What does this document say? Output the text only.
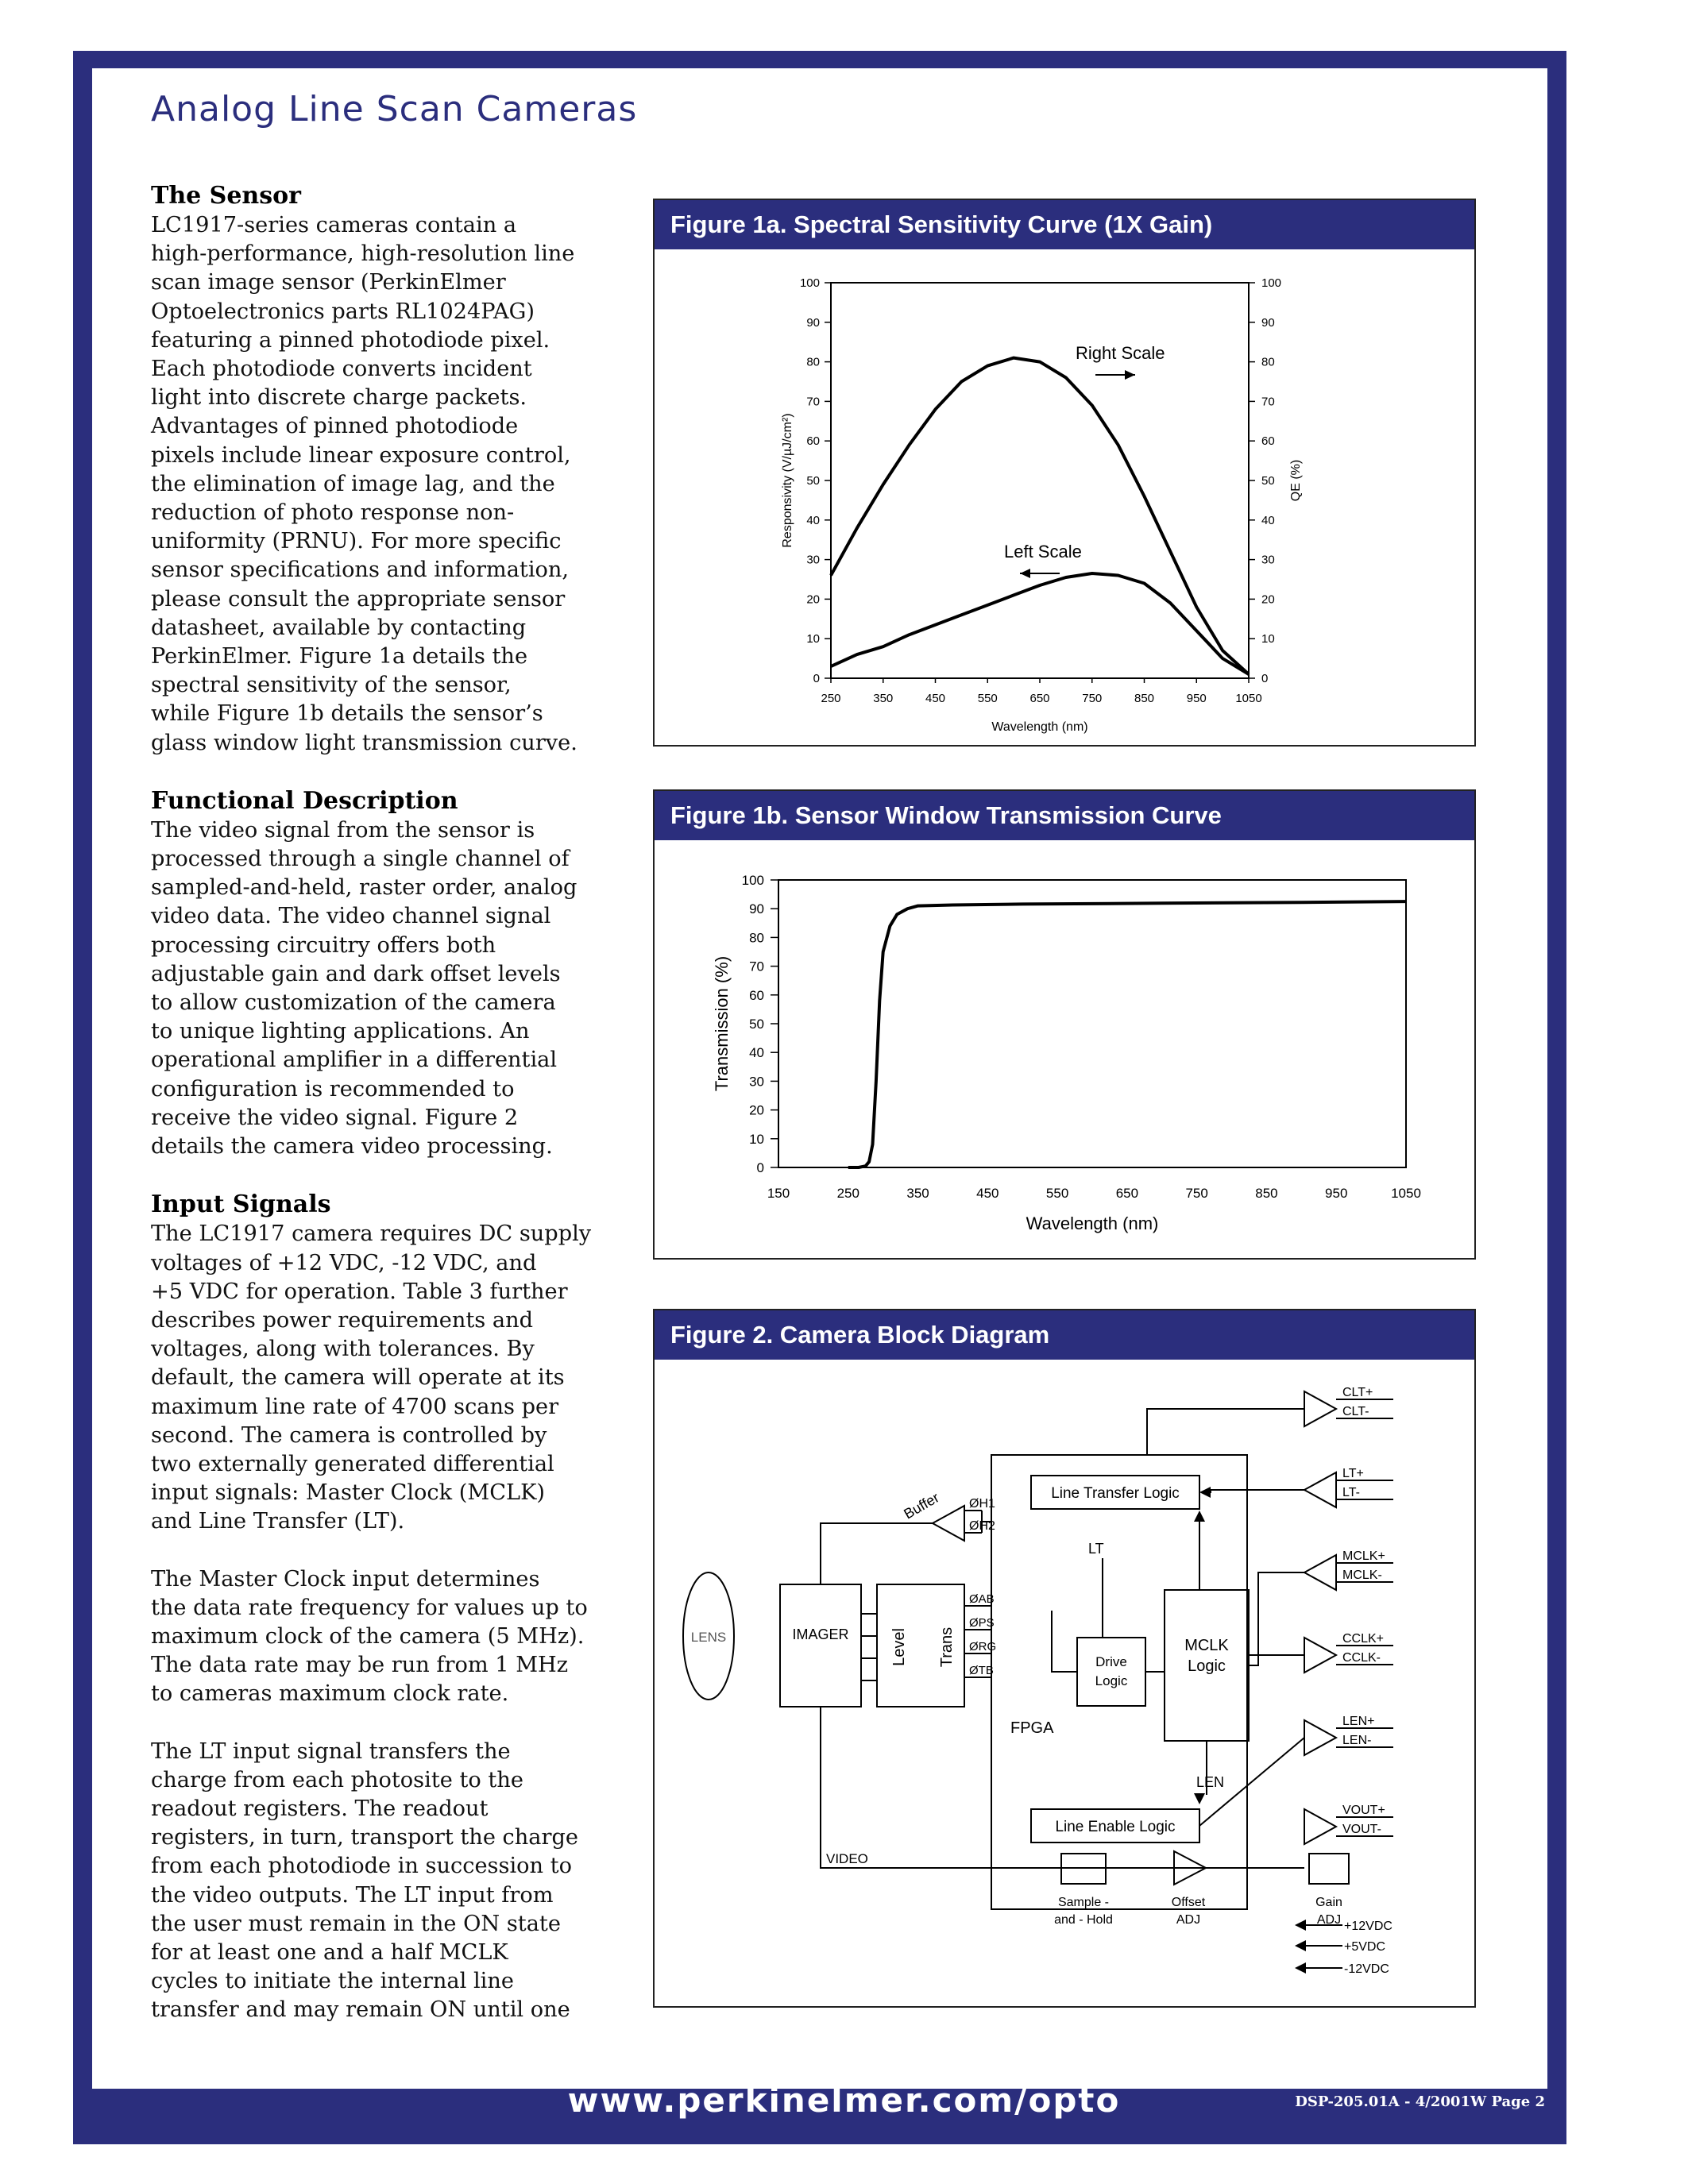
Analog Line Scan Cameras
The Sensor

LC1917-series cameras contain a

high-performance, high-resolution line

scan image sensor (PerkinElmer

Optoelectronics parts RL1024PAG)

featuring a pinned photodiode pixel.

Each photodiode converts incident

light into discrete charge packets.

Advantages of pinned photodiode

pixels include linear exposure control,

the elimination of image lag, and the

reduction of photo response non-

uniformity (PRNU). For more specific

sensor specifications and information,

please consult the appropriate sensor

datasheet, available by contacting

PerkinElmer. Figure 1a details the

spectral sensitivity of the sensor,

while Figure 1b details the sensor’s

glass window light transmission curve.

Functional Description

The video signal from the sensor is

processed through a single channel of

sampled-and-held, raster order, analog

video data. The video channel signal

processing circuitry offers both

adjustable gain and dark offset levels

to allow customization of the camera

to unique lighting applications. An

operational amplifier in a differential

configuration is recommended to

receive the video signal. Figure 2

details the camera video processing.

Input Signals

The LC1917 camera requires DC supply

voltages of +12 VDC, -12 VDC, and

+5 VDC for operation. Table 3 further

describes power requirements and

voltages, along with tolerances. By

default, the camera will operate at its

maximum line rate of 4700 scans per

second. The camera is controlled by

two externally generated differential

input signals: Master Clock (MCLK)

and Line Transfer (LT).

The Master Clock input determines

the data rate frequency for values up to

maximum clock of the camera (5 MHz).

The data rate may be run from 1 MHz

to cameras maximum clock rate.

The LT input signal transfers the

charge from each photosite to the

readout registers. The readout

registers, in turn, transport the charge

from each photodiode in succession to

the video outputs. The LT input from

the user must remain in the ON state

for at least one and a half MCLK

cycles to initiate the internal line

transfer and may remain ON until one

Figure 1a. Spectral Sensitivity Curve (1X Gain)
0	0
10	10
20	20
30	30
40	40
50	50
60	60
70	70
80	80
90	90
100	100
250	350	450	550	650	750	850	950 1050
Wavelength (nm)
Responsivity (V/µJ/cm²)	QE (%)
Right Scale
Left Scale
Figure 1b. Sensor Window Transmission Curve
0
10
20
30
40
50
60
70
80
90
100
150	250	350	450	550	650	750	850	950	1050
Wavelength (nm)
Transmission (%)
Figure 2. Camera Block Diagram
LENS	IMAGER	Level Trans
Buffer ØH1
ØH2
ØAB
ØPS
ØRG
ØTB
FPGA
Line Transfer Logic
LT
Drive
Logic
MCLK
Logic
LEN
Line Enable Logic
CLT+
CLT-
LT+
LT-
MCLK+
MCLK-
CCLK+
CCLK-
LEN+
LEN-
VOUT+
VOUT-
VIDEO
Sample -
and - Hold
Offset
ADJ
Gain
ADJ +12VDC
+5VDC
-12VDC
www.perkinelmer.com/opto	DSP-205.01A - 4/2001W Page 2
